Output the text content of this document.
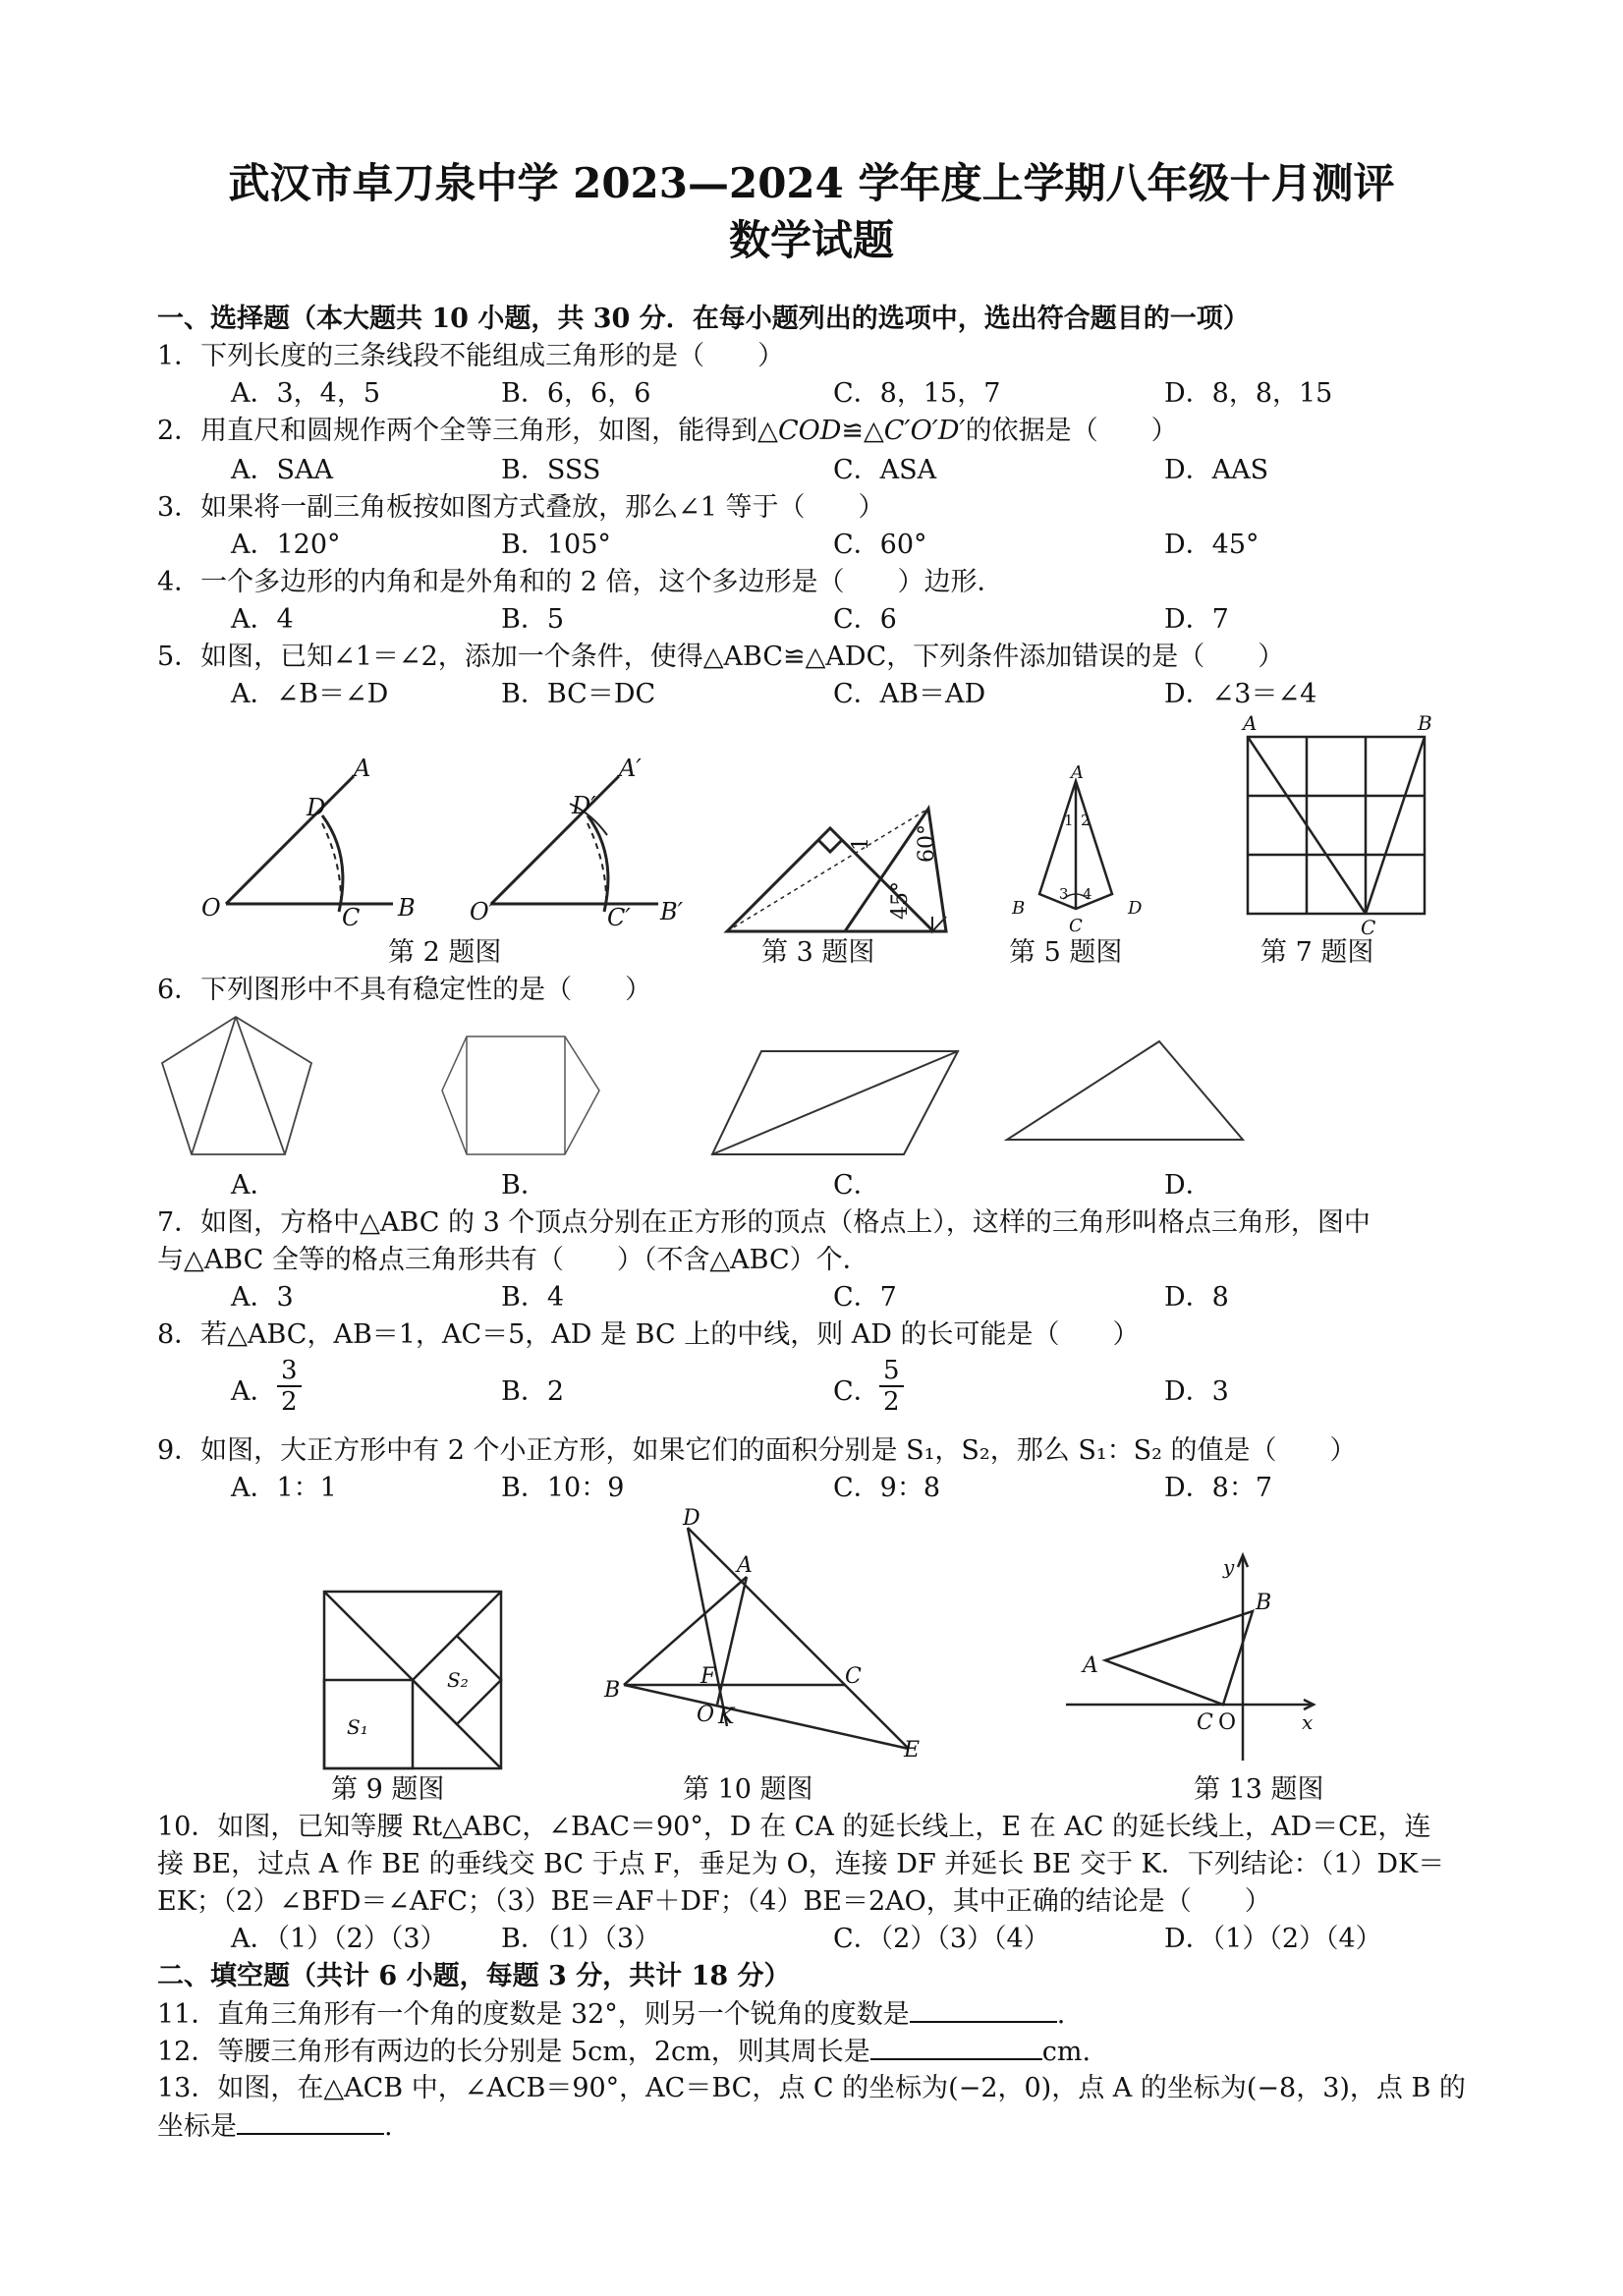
武汉市卓刀泉中学 2023—2024 学年度上学期八年级十月测评
数学试题
一、选择题（本大题共 10 小题，共 30 分．在每小题列出的选项中，选出符合题目的一项）
1．下列长度的三条线段不能组成三角形的是（　　）
A．3，4，5	B．6，6，6	C．8，15，7	D．8，8，15
2．用直尺和圆规作两个全等三角形，如图，能得到△COD≌△C′O′D′的依据是（　　）
A．SAA	B．SSS	C．ASA	D．AAS
3．如果将一副三角板按如图方式叠放，那么∠1 等于（　　）
A．120°	B．105°	C．60°	D．45°
4．一个多边形的内角和是外角和的 2 倍，这个多边形是（　　）边形．
A．4	B．5	C．6	D．7
5．如图，已知∠1＝∠2，添加一个条件，使得△ABC≌△ADC，下列条件添加错误的是（　　）
A．∠B＝∠D	B．BC＝DC	C．AB＝AD	D．∠3＝∠4
A
D
O	C B
A′
D′
O′	C′ B′
第 2 题图
1 60°
45°
第 3 题图
A
1 2
B
3 4
D
C
第 5 题图
A	B
C
第 7 题图
6．下列图形中不具有稳定性的是（　　）
A．	B．	C．	D．
7．如图，方格中△ABC 的 3 个顶点分别在正方形的顶点（格点上），这样的三角形叫格点三角形，图中
与△ABC 全等的格点三角形共有（　　）（不含△ABC）个．
A．3	B．4	C．7	D．8
8．若△ABC，AB＝1，AC＝5，AD 是 BC 上的中线，则 AD 的长可能是（　　）
A． $\frac{3}{2}$	B．2	C． $\frac{5}{2}$	D．3
9．如图，大正方形中有 2 个小正方形，如果它们的面积分别是 S₁，S₂，那么 S₁：S₂ 的值是（　　）
A．1：1	B．10：9	C．9：8	D．8：7
S₂
S₁
第 9 题图
D
A
B
F	C
O K
E
第 10 题图
y
B
A
C O	x
第 13 题图
10．如图，已知等腰 Rt△ABC，∠BAC＝90°，D 在 CA 的延长线上，E 在 AC 的延长线上，AD＝CE，连
接 BE，过点 A 作 BE 的垂线交 BC 于点 F，垂足为 O，连接 DF 并延长 BE 交于 K．下列结论：（1）DK＝
EK；（2）∠BFD＝∠AFC；（3）BE＝AF＋DF；（4）BE＝2AO，其中正确的结论是（　　）
A．（1）（2）（3） B．（1）（3）	C．（2）（3）（4）	D．（1）（2）（4）
二、填空题（共计 6 小题，每题 3 分，共计 18 分）
11．直角三角形有一个角的度数是 32°，则另一个锐角的度数是	.
12．等腰三角形有两边的长分别是 5cm，2cm，则其周长是	cm.
13．如图，在△ACB 中，∠ACB＝90°，AC＝BC，点 C 的坐标为(−2，0)，点 A 的坐标为(−8，3)，点 B 的
坐标是	.
